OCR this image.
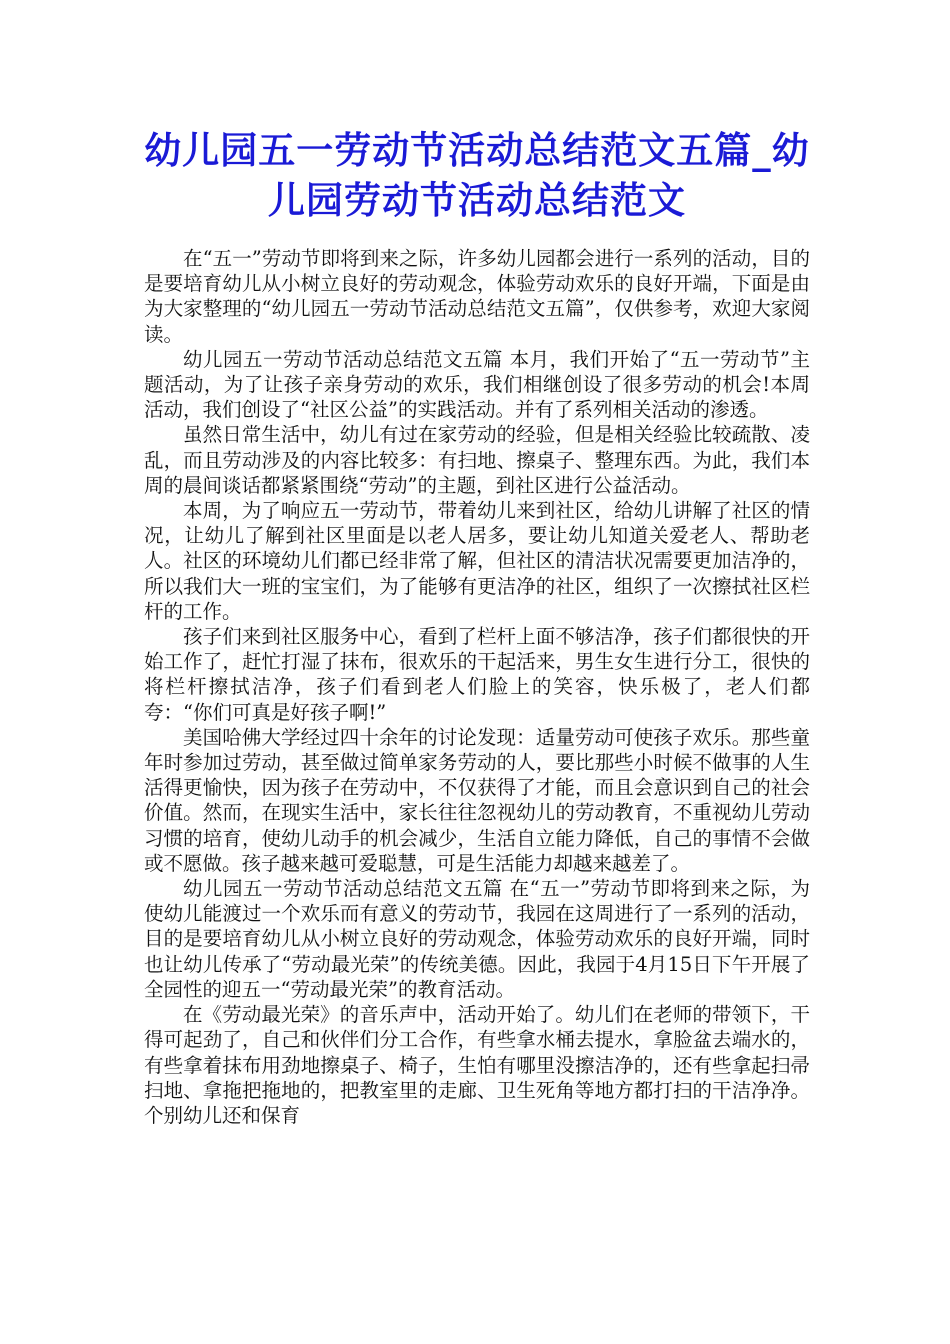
幼儿园五一劳动节活动总结范文五篇_幼儿园劳动节活动总结范文

在“五一”劳动节即将到来之际，许多幼儿园都会进行一系列的活动，目的是要培育幼儿从小树立良好的劳动观念，体验劳动欢乐的良好开端，下面是由为大家整理的“幼儿园五一劳动节活动总结范文五篇”，仅供参考，欢迎大家阅读。

幼儿园五一劳动节活动总结范文五篇 本月，我们开始了“五一劳动节”主题活动，为了让孩子亲身劳动的欢乐，我们相继创设了很多劳动的机会!本周活动，我们创设了“社区公益”的实践活动。并有了系列相关活动的渗透。

虽然日常生活中，幼儿有过在家劳动的经验，但是相关经验比较疏散、凌乱，而且劳动涉及的内容比较多：有扫地、擦桌子、整理东西。为此，我们本周的晨间谈话都紧紧围绕“劳动”的主题，到社区进行公益活动。

本周，为了响应五一劳动节，带着幼儿来到社区，给幼儿讲解了社区的情况，让幼儿了解到社区里面是以老人居多，要让幼儿知道关爱老人、帮助老人。社区的环境幼儿们都已经非常了解，但社区的清洁状况需要更加洁净的，所以我们大一班的宝宝们，为了能够有更洁净的社区，组织了一次擦拭社区栏杆的工作。

孩子们来到社区服务中心，看到了栏杆上面不够洁净，孩子们都很快的开始工作了，赶忙打湿了抹布，很欢乐的干起活来，男生女生进行分工，很快的将栏杆擦拭洁净，孩子们看到老人们脸上的笑容，快乐极了，老人们都夸：“你们可真是好孩子啊!”

美国哈佛大学经过四十余年的讨论发现：适量劳动可使孩子欢乐。那些童年时参加过劳动，甚至做过简单家务劳动的人，要比那些小时候不做事的人生活得更愉快，因为孩子在劳动中，不仅获得了才能，而且会意识到自己的社会价值。然而，在现实生活中，家长往往忽视幼儿的劳动教育，不重视幼儿劳动习惯的培育，使幼儿动手的机会减少，生活自立能力降低，自己的事情不会做或不愿做。孩子越来越可爱聪慧，可是生活能力却越来越差了。

幼儿园五一劳动节活动总结范文五篇 在“五一”劳动节即将到来之际，为使幼儿能渡过一个欢乐而有意义的劳动节，我园在这周进行了一系列的活动，目的是要培育幼儿从小树立良好的劳动观念，体验劳动欢乐的良好开端，同时也让幼儿传承了“劳动最光荣”的传统美德。因此，我园于4月15日下午开展了全园性的迎五一“劳动最光荣”的教育活动。

在《劳动最光荣》的音乐声中，活动开始了。幼儿们在老师的带领下，干得可起劲了，自己和伙伴们分工合作，有些拿水桶去提水，拿脸盆去端水的，有些拿着抹布用劲地擦桌子、椅子，生怕有哪里没擦洁净的，还有些拿起扫帚扫地、拿拖把拖地的，把教室里的走廊、卫生死角等地方都打扫的干洁净净。个别幼儿还和保育
